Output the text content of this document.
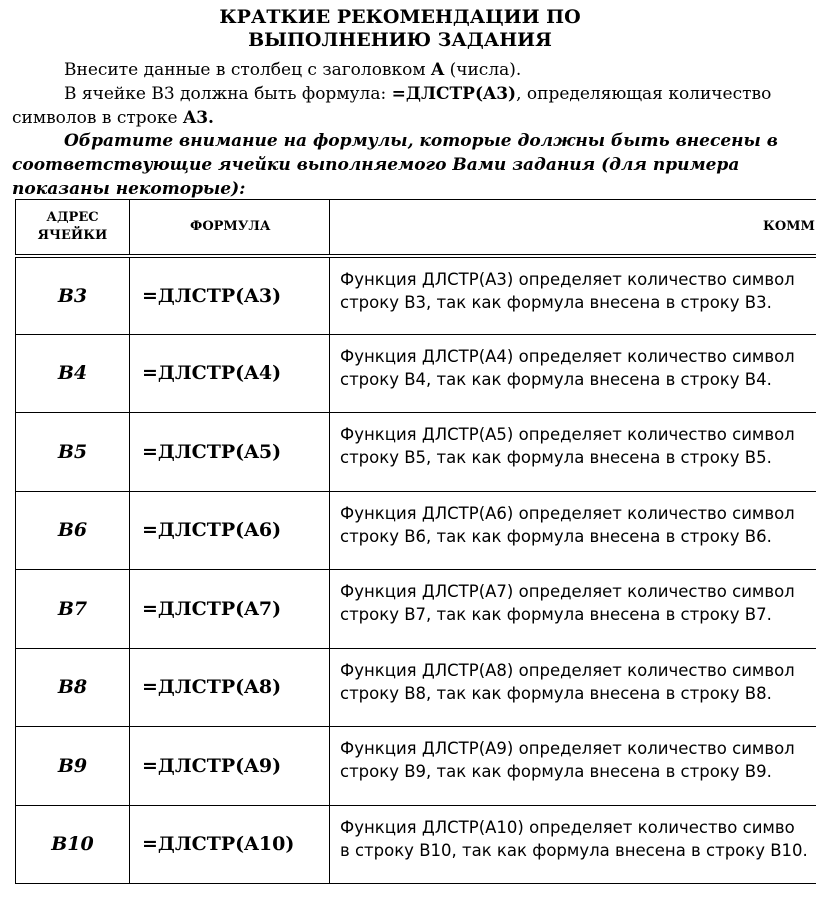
КРАТКИЕ РЕКОМЕНДАЦИИ ПО
ВЫПОЛНЕНИЮ ЗАДАНИЯ
Внесите данные в столбец с заголовком A (числа).
В ячейке B3 должна быть формула: =ДЛСТР(A3), определяющая количество
символов в строке A3.
Обратите внимание на формулы, которые должны быть внесены в соответствующие ячейки выполняемого Вами задания (для примера показаны некоторые):
АДРЕС
ЯЧЕЙКИ	ФОРМУЛА	КОММ
B3	=ДЛСТР(A3)	Функция ДЛСТР(A3) определяет количество символ
строку B3, так как формула внесена в строку B3.

B4	=ДЛСТР(A4)	Функция ДЛСТР(A4) определяет количество символ
строку B4, так как формула внесена в строку B4.

B5	=ДЛСТР(A5)	Функция ДЛСТР(A5) определяет количество символ
строку B5, так как формула внесена в строку B5.

B6	=ДЛСТР(A6)	Функция ДЛСТР(A6) определяет количество символ
строку B6, так как формула внесена в строку B6.

B7	=ДЛСТР(A7)	Функция ДЛСТР(A7) определяет количество символ
строку B7, так как формула внесена в строку B7.

B8	=ДЛСТР(A8)	Функция ДЛСТР(A8) определяет количество символ
строку B8, так как формула внесена в строку B8.

B9	=ДЛСТР(A9)	Функция ДЛСТР(A9) определяет количество символ
строку B9, так как формула внесена в строку B9.

B10	=ДЛСТР(A10)	Функция ДЛСТР(A10) определяет количество симво
в строку B10, так как формула внесена в строку B10.
